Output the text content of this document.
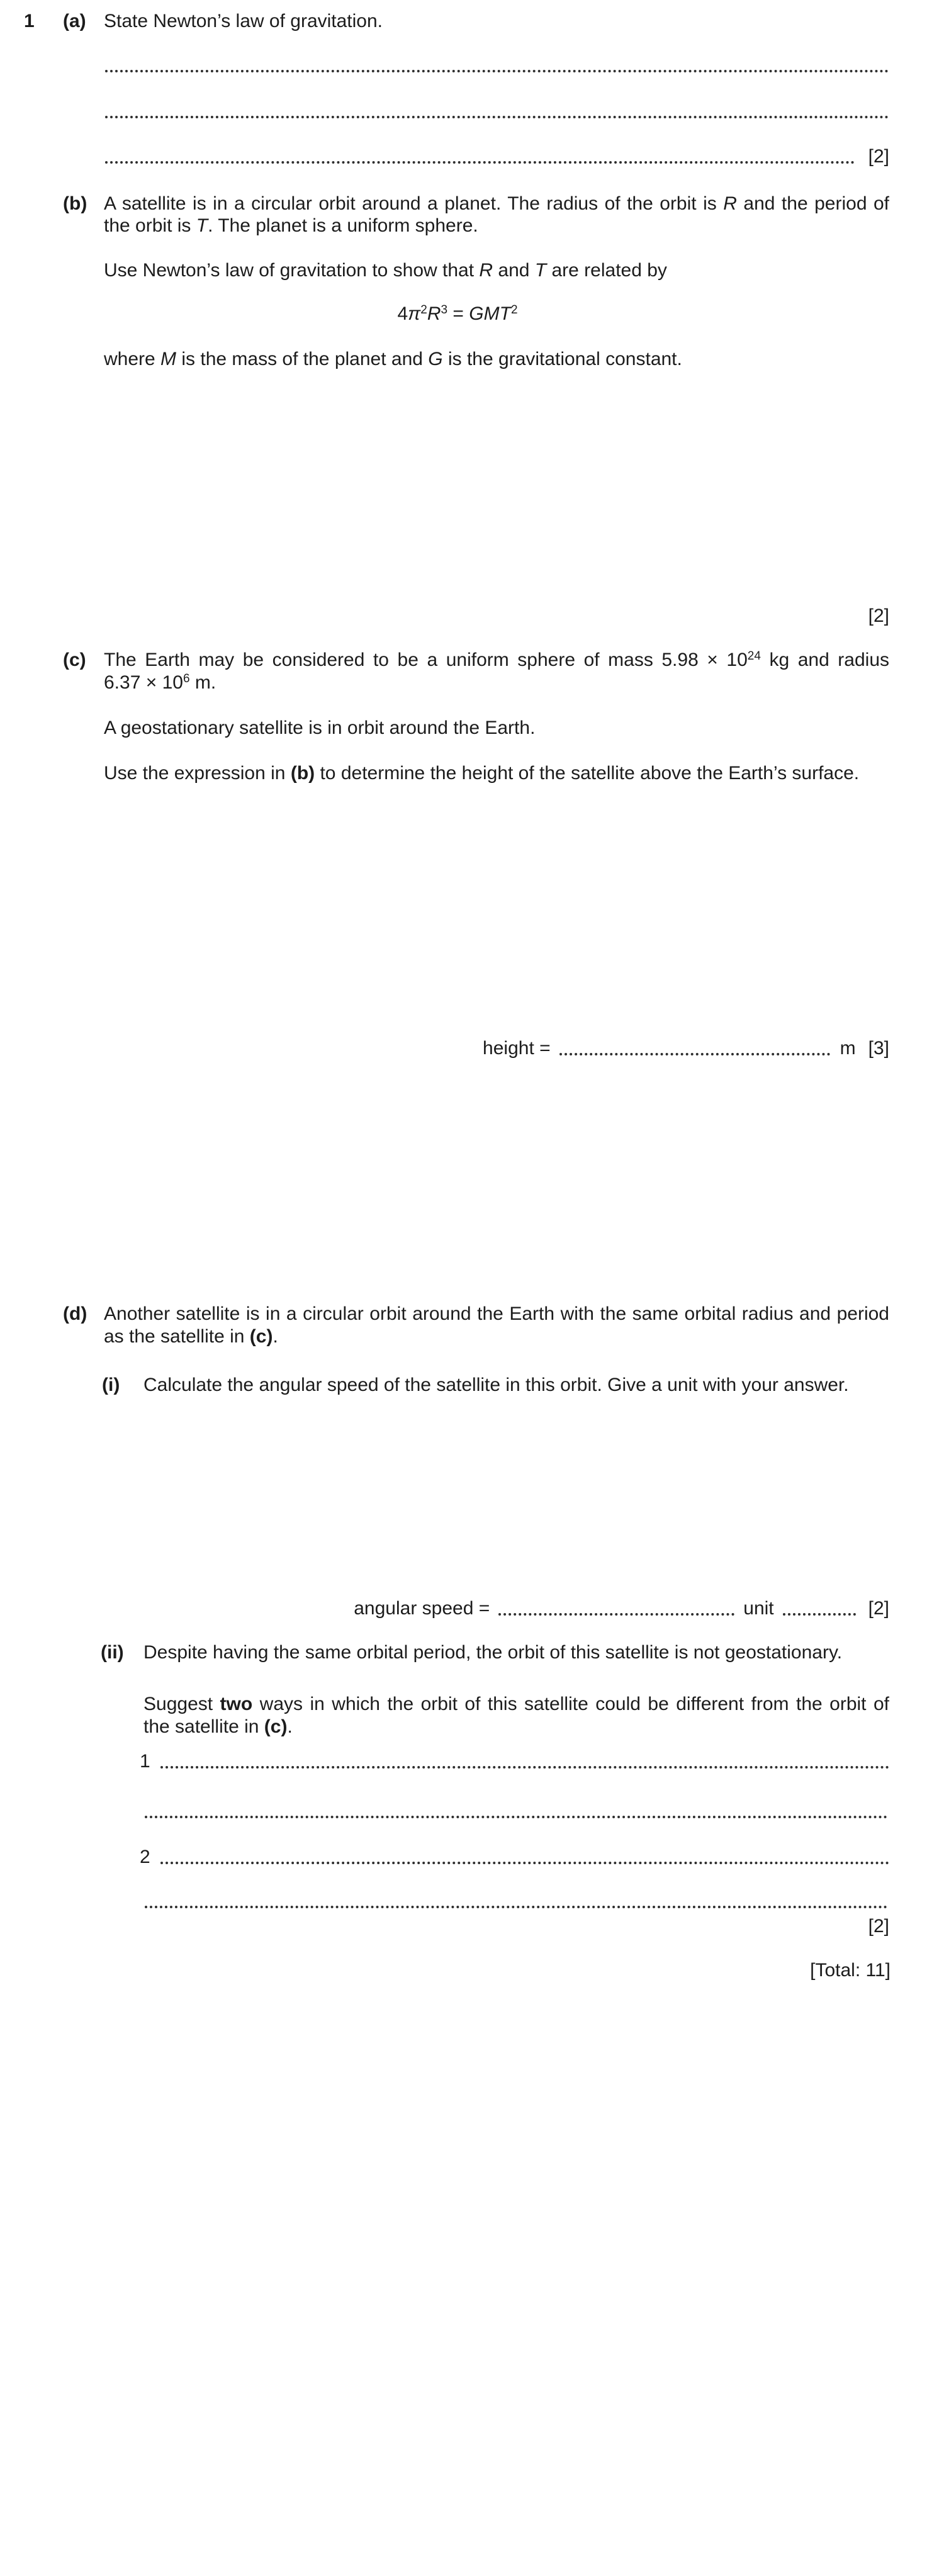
1 (a) State Newton’s law of gravitation.
[2]
(b) A satellite is in a circular orbit around a planet. The radius of the orbit is R and the period of
the orbit is T. The planet is a uniform sphere.
Use Newton’s law of gravitation to show that R and T are related by
$4\pi^2R^3 = GMT^2$
where M is the mass of the planet and G is the gravitational constant.
[2]
(c) The Earth may be considered to be a uniform sphere of mass $5.98 \times 10^{24}$ kg and radius
$6.37 \times 10^6$ m.
A geostationary satellite is in orbit around the Earth.
Use the expression in (b) to determine the height of the satellite above the Earth’s surface.
height =	m [3]
(d) Another satellite is in a circular orbit around the Earth with the same orbital radius and period
as the satellite in (c).
(i) Calculate the angular speed of the satellite in this orbit. Give a unit with your answer.
angular speed =	unit	[2]
(ii) Despite having the same orbital period, the orbit of this satellite is not geostationary.
Suggest two ways in which the orbit of this satellite could be different from the orbit of
the satellite in (c).
1
2
[2]
[Total: 11]
